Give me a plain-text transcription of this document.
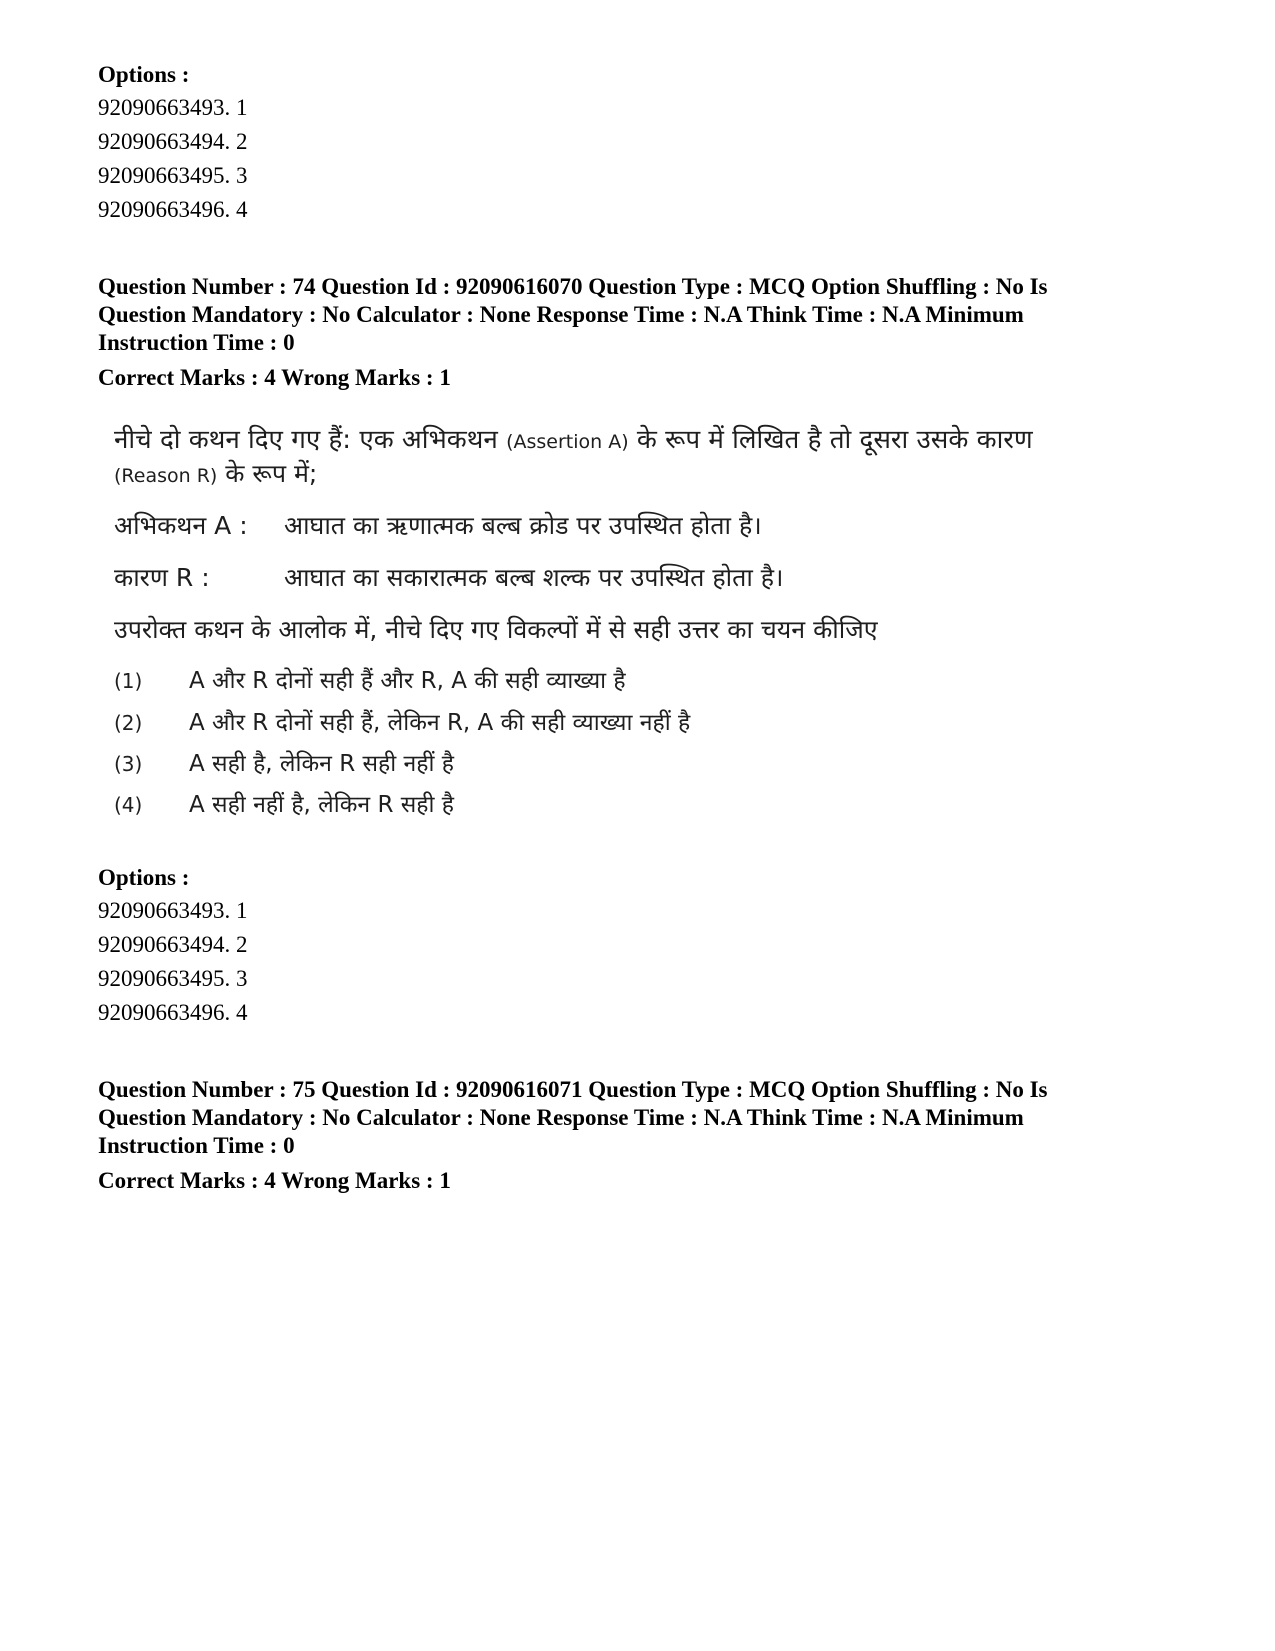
Options :
92090663493. 1
92090663494. 2
92090663495. 3
92090663496. 4
Question Number : 74 Question Id : 92090616070 Question Type : MCQ Option Shuffling : No Is
Question Mandatory : No Calculator : None Response Time : N.A Think Time : N.A Minimum
Instruction Time : 0
Correct Marks : 4 Wrong Marks : 1
नीचे दो कथन दिए गए हैं: एक अभिकथन (Assertion A) के रूप में लिखित है तो दूसरा उसके कारण
(Reason R) के रूप में;
अभिकथन A : आघात का ऋणात्मक बल्ब क्रोड पर उपस्थित होता है।
कारण R :	आघात का सकारात्मक बल्ब शल्क पर उपस्थित होता है।
उपरोक्त कथन के आलोक में, नीचे दिए गए विकल्पों में से सही उत्तर का चयन कीजिए
(1) A और R दोनों सही हैं और R, A की सही व्याख्या है
(2) A और R दोनों सही हैं, लेकिन R, A की सही व्याख्या नहीं है
(3) A सही है, लेकिन R सही नहीं है
(4) A सही नहीं है, लेकिन R सही है
Options :
92090663493. 1
92090663494. 2
92090663495. 3
92090663496. 4
Question Number : 75 Question Id : 92090616071 Question Type : MCQ Option Shuffling : No Is
Question Mandatory : No Calculator : None Response Time : N.A Think Time : N.A Minimum
Instruction Time : 0
Correct Marks : 4 Wrong Marks : 1
